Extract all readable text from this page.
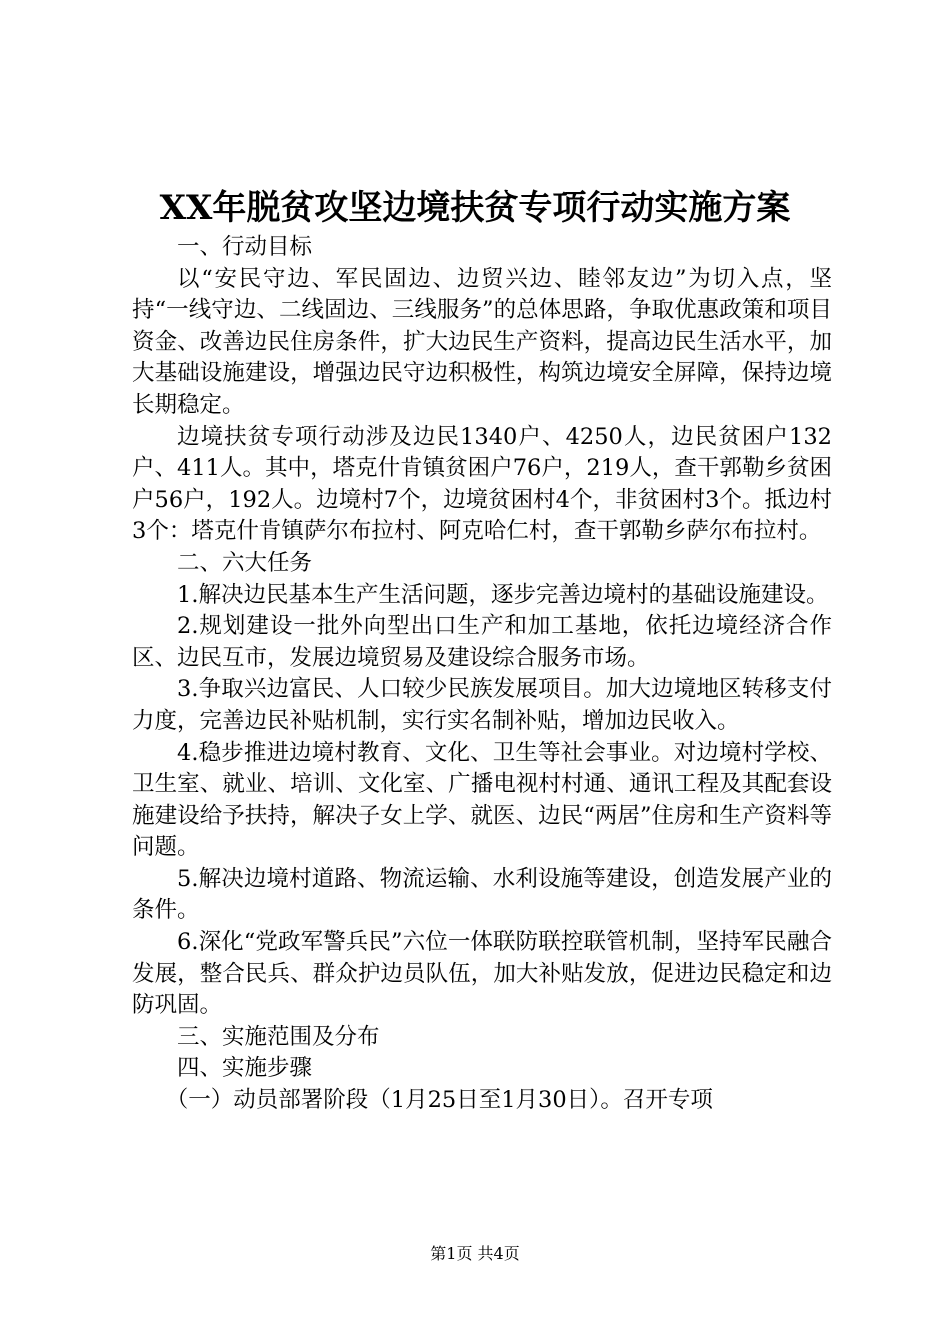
XX年脱贫攻坚边境扶贫专项行动实施方案

一、行动目标

以“安民守边、军民固边、边贸兴边、睦邻友边”为切入点，坚持“一线守边、二线固边、三线服务”的总体思路，争取优惠政策和项目资金、改善边民住房条件，扩大边民生产资料，提高边民生活水平，加大基础设施建设，增强边民守边积极性，构筑边境安全屏障，保持边境长期稳定。

边境扶贫专项行动涉及边民1340户、4250人，边民贫困户132户、411人。其中，塔克什肯镇贫困户76户，219人，查干郭勒乡贫困户56户，192人。边境村7个，边境贫困村4个，非贫困村3个。抵边村3个：塔克什肯镇萨尔布拉村、阿克哈仁村，查干郭勒乡萨尔布拉村。

二、六大任务

1.解决边民基本生产生活问题，逐步完善边境村的基础设施建设。

2.规划建设一批外向型出口生产和加工基地，依托边境经济合作区、边民互市，发展边境贸易及建设综合服务市场。

3.争取兴边富民、人口较少民族发展项目。加大边境地区转移支付力度，完善边民补贴机制，实行实名制补贴，增加边民收入。

4.稳步推进边境村教育、文化、卫生等社会事业。对边境村学校、卫生室、就业、培训、文化室、广播电视村村通、通讯工程及其配套设施建设给予扶持，解决子女上学、就医、边民“两居”住房和生产资料等问题。

5.解决边境村道路、物流运输、水利设施等建设，创造发展产业的条件。

6.深化“党政军警兵民”六位一体联防联控联管机制，坚持军民融合发展，整合民兵、群众护边员队伍，加大补贴发放，促进边民稳定和边防巩固。

三、实施范围及分布

四、实施步骤

（一）动员部署阶段（1月25日至1月30日）。召开专项

第1页 共4页
